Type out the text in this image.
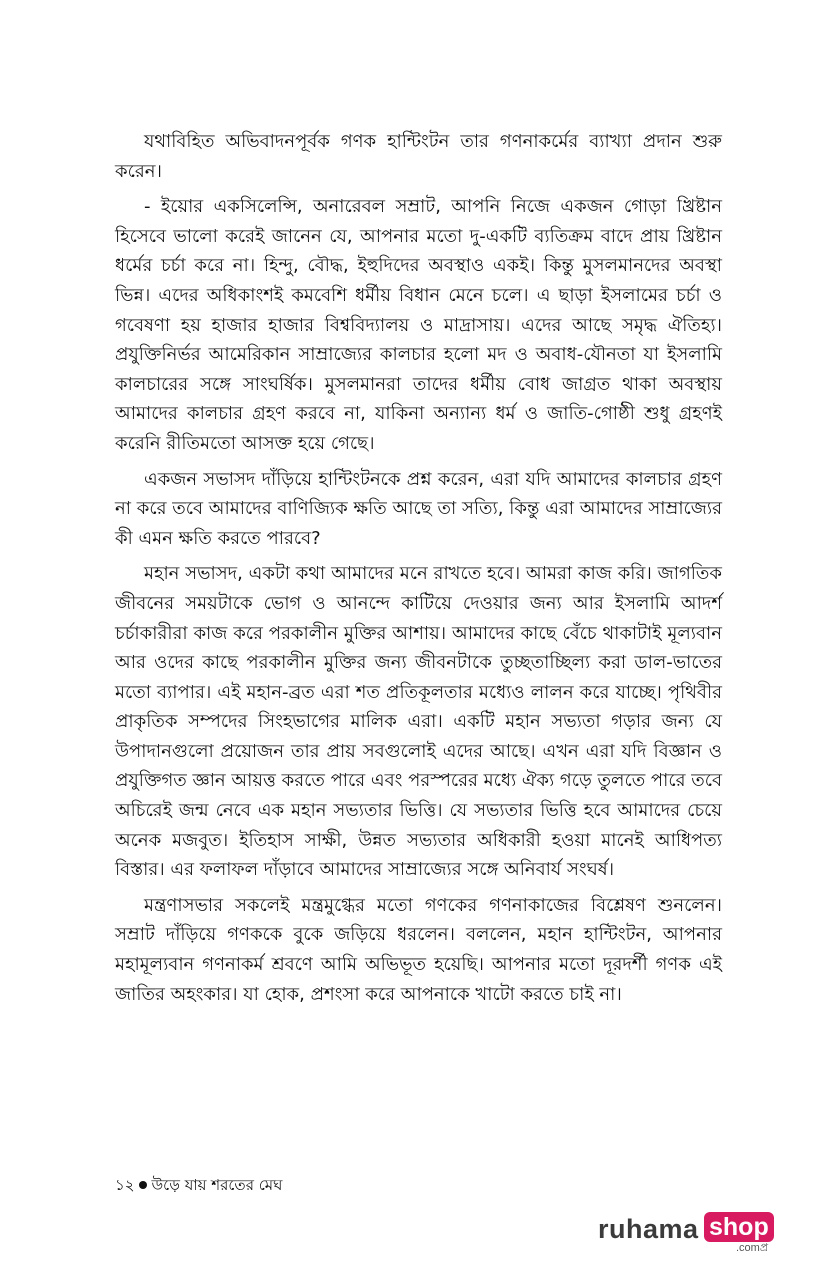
যথাবিহিত অভিবাদনপূর্বক গণক হান্টিংটন তার গণনাকর্মের ব্যাখ্যা প্রদান শুরু করেন।

- ইয়োর একসিলেন্সি, অনারেবল সম্রাট, আপনি নিজে একজন গোড়া খ্রিষ্টান হিসেবে ভালো করেই জানেন যে, আপনার মতো দু-একটি ব্যতিক্রম বাদে প্রায় খ্রিষ্টান ধর্মের চর্চা করে না। হিন্দু, বৌদ্ধ, ইহুদিদের অবস্থাও একই। কিন্তু মুসলমানদের অবস্থা ভিন্ন। এদের অধিকাংশই কমবেশি ধর্মীয় বিধান মেনে চলে। এ ছাড়া ইসলামের চর্চা ও গবেষণা হয় হাজার হাজার বিশ্ববিদ্যালয় ও মাদ্রাসায়। এদের আছে সমৃদ্ধ ঐতিহ্য। প্রযুক্তিনির্ভর আমেরিকান সাম্রাজ্যের কালচার হলো মদ ও অবাধ-যৌনতা যা ইসলামি কালচারের সঙ্গে সাংঘর্ষিক। মুসলমানরা তাদের ধর্মীয় বোধ জাগ্রত থাকা অবস্থায় আমাদের কালচার গ্রহণ করবে না, যাকিনা অন্যান্য ধর্ম ও জাতি-গোষ্ঠী শুধু গ্রহণই করেনি রীতিমতো আসক্ত হয়ে গেছে।

একজন সভাসদ দাঁড়িয়ে হান্টিংটনকে প্রশ্ন করেন, এরা যদি আমাদের কালচার গ্রহণ না করে তবে আমাদের বাণিজ্যিক ক্ষতি আছে তা সত্যি, কিন্তু এরা আমাদের সাম্রাজ্যের কী এমন ক্ষতি করতে পারবে?

মহান সভাসদ, একটা কথা আমাদের মনে রাখতে হবে। আমরা কাজ করি। জাগতিক জীবনের সময়টাকে ভোগ ও আনন্দে কাটিয়ে দেওয়ার জন্য আর ইসলামি আদর্শ চর্চাকারীরা কাজ করে পরকালীন মুক্তির আশায়। আমাদের কাছে বেঁচে থাকাটাই মূল্যবান আর ওদের কাছে পরকালীন মুক্তির জন্য জীবনটাকে তুচ্ছতাচ্ছিল্য করা ডাল-ভাতের মতো ব্যাপার। এই মহান-ব্রত এরা শত প্রতিকূলতার মধ্যেও লালন করে যাচ্ছে। পৃথিবীর প্রাকৃতিক সম্পদের সিংহভাগের মালিক এরা। একটি মহান সভ্যতা গড়ার জন্য যে উপাদানগুলো প্রয়োজন তার প্রায় সবগুলোই এদের আছে। এখন এরা যদি বিজ্ঞান ও প্রযুক্তিগত জ্ঞান আয়ত্ত করতে পারে এবং পরস্পরের মধ্যে ঐক্য গড়ে তুলতে পারে তবে অচিরেই জন্ম নেবে এক মহান সভ্যতার ভিত্তি। যে সভ্যতার ভিত্তি হবে আমাদের চেয়ে অনেক মজবুত। ইতিহাস সাক্ষী, উন্নত সভ্যতার অধিকারী হওয়া মানেই আধিপত্য বিস্তার। এর ফলাফল দাঁড়াবে আমাদের সাম্রাজ্যের সঙ্গে অনিবার্য সংঘর্ষ।

মন্ত্রণাসভার সকলেই মন্ত্রমুগ্ধের মতো গণকের গণনাকাজের বিশ্লেষণ শুনলেন। সম্রাট দাঁড়িয়ে গণককে বুকে জড়িয়ে ধরলেন। বললেন, মহান হান্টিংটন, আপনার মহামূল্যবান গণনাকর্ম শ্রবণে আমি অভিভূত হয়েছি। আপনার মতো দূরদর্শী গণক এই জাতির অহংকার। যা হোক, প্রশংসা করে আপনাকে খাটো করতে চাই না।

১২ উড়ে যায় শরতের মেঘ
ruhama shop
.comপ্র
